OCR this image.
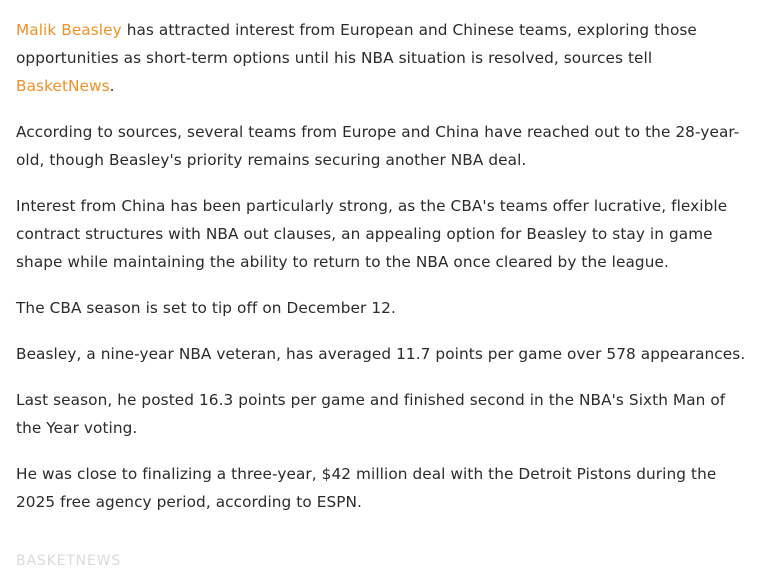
Malik Beasley has attracted interest from European and Chinese teams, exploring those opportunities as short-term options until his NBA situation is resolved, sources tell BasketNews.

According to sources, several teams from Europe and China have reached out to the 28-year-old, though Beasley's priority remains securing another NBA deal.

Interest from China has been particularly strong, as the CBA's teams offer lucrative, flexible contract structures with NBA out clauses, an appealing option for Beasley to stay in game shape while maintaining the ability to return to the NBA once cleared by the league.

The CBA season is set to tip off on December 12.

Beasley, a nine-year NBA veteran, has averaged 11.7 points per game over 578 appearances.

Last season, he posted 16.3 points per game and finished second in the NBA's Sixth Man of the Year voting.

He was close to finalizing a three-year, $42 million deal with the Detroit Pistons during the 2025 free agency period, according to ESPN.

BASKETNEWS
